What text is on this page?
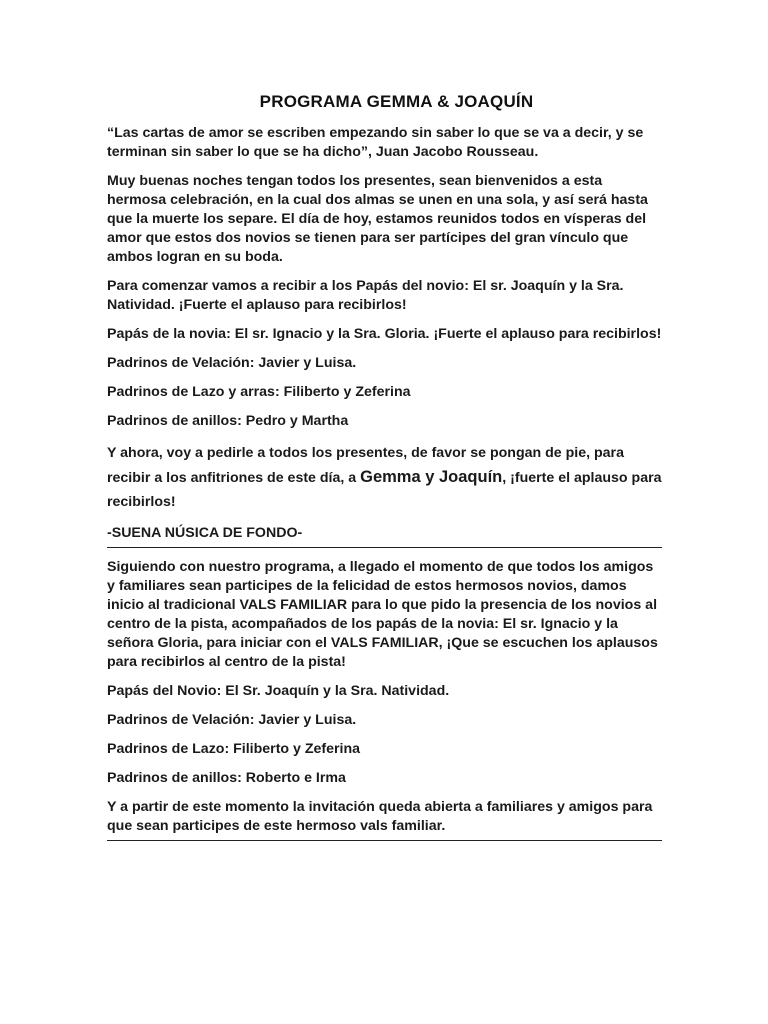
PROGRAMA GEMMA & JOAQUÍN

“Las cartas de amor se escriben empezando sin saber lo que se va a decir, y se terminan sin saber lo que se ha dicho”, Juan Jacobo Rousseau.

Muy buenas noches tengan todos los presentes, sean bienvenidos a esta hermosa celebración, en la cual dos almas se unen en una sola, y así será hasta que la muerte los separe. El día de hoy, estamos reunidos todos en vísperas del amor que estos dos novios se tienen para ser partícipes del gran vínculo que ambos logran en su boda.

Para comenzar vamos a recibir a los Papás del novio: El sr. Joaquín y la Sra. Natividad. ¡Fuerte el aplauso para recibirlos!

Papás de la novia: El sr. Ignacio y la Sra. Gloria. ¡Fuerte el aplauso para recibirlos!

Padrinos de Velación: Javier y Luisa.

Padrinos de Lazo y arras: Filiberto y Zeferina

Padrinos de anillos: Pedro y Martha

Y ahora, voy a pedirle a todos los presentes, de favor se pongan de pie, para recibir a los anfitriones de este día, a Gemma y Joaquín, ¡fuerte el aplauso para recibirlos!

-SUENA NÚSICA DE FONDO-

Siguiendo con nuestro programa, a llegado el momento de que todos los amigos y familiares sean participes de la felicidad de estos hermosos novios, damos inicio al tradicional VALS FAMILIAR para lo que pido la presencia de los novios al centro de la pista, acompañados de los papás de la novia: El sr. Ignacio y la señora Gloria, para iniciar con el VALS FAMILIAR, ¡Que se escuchen los aplausos para recibirlos al centro de la pista!

Papás del Novio: El Sr. Joaquín y la Sra. Natividad.

Padrinos de Velación: Javier y Luisa.

Padrinos de Lazo: Filiberto y Zeferina

Padrinos de anillos: Roberto e Irma

Y a partir de este momento la invitación queda abierta a familiares y amigos para que sean participes de este hermoso vals familiar.
